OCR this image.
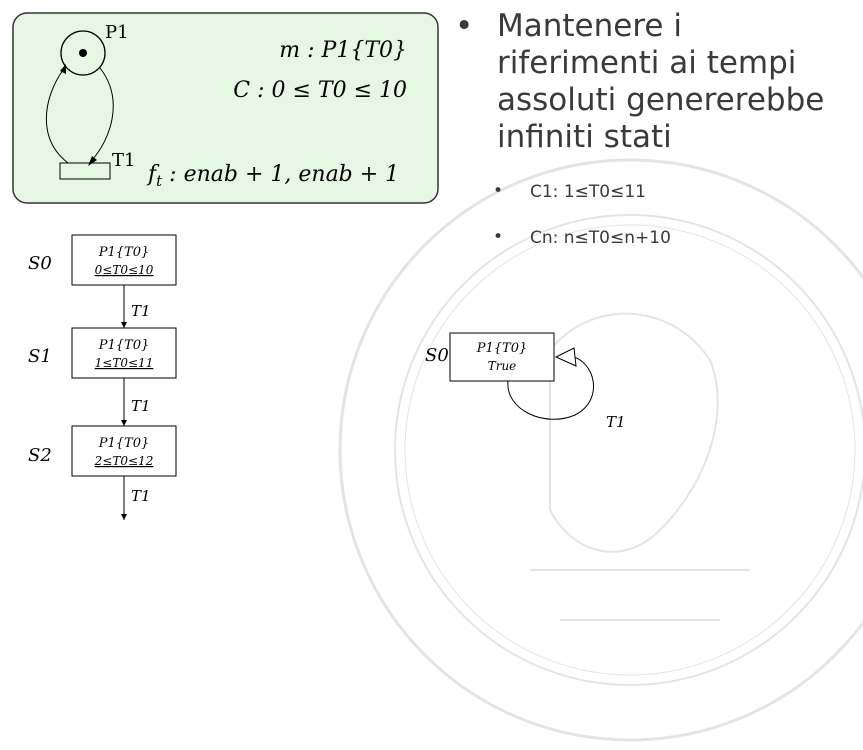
P1
T1
m : P1{T0}
C : 0 ≤ T0 ≤ 10
$f_t$ : enab + 1, enab + 1
S0
P1{T0}
0≤T0≤10
T1
S1
P1{T0}
1≤T0≤11
T1
S2
P1{T0}
2≤T0≤12
T1
S0 P1{T0}
True
T1
• Mantenere i
riferimenti ai tempi
assoluti genererebbe
infiniti stati
• C1: 1≤T0≤11
• Cn: n≤T0≤n+10
